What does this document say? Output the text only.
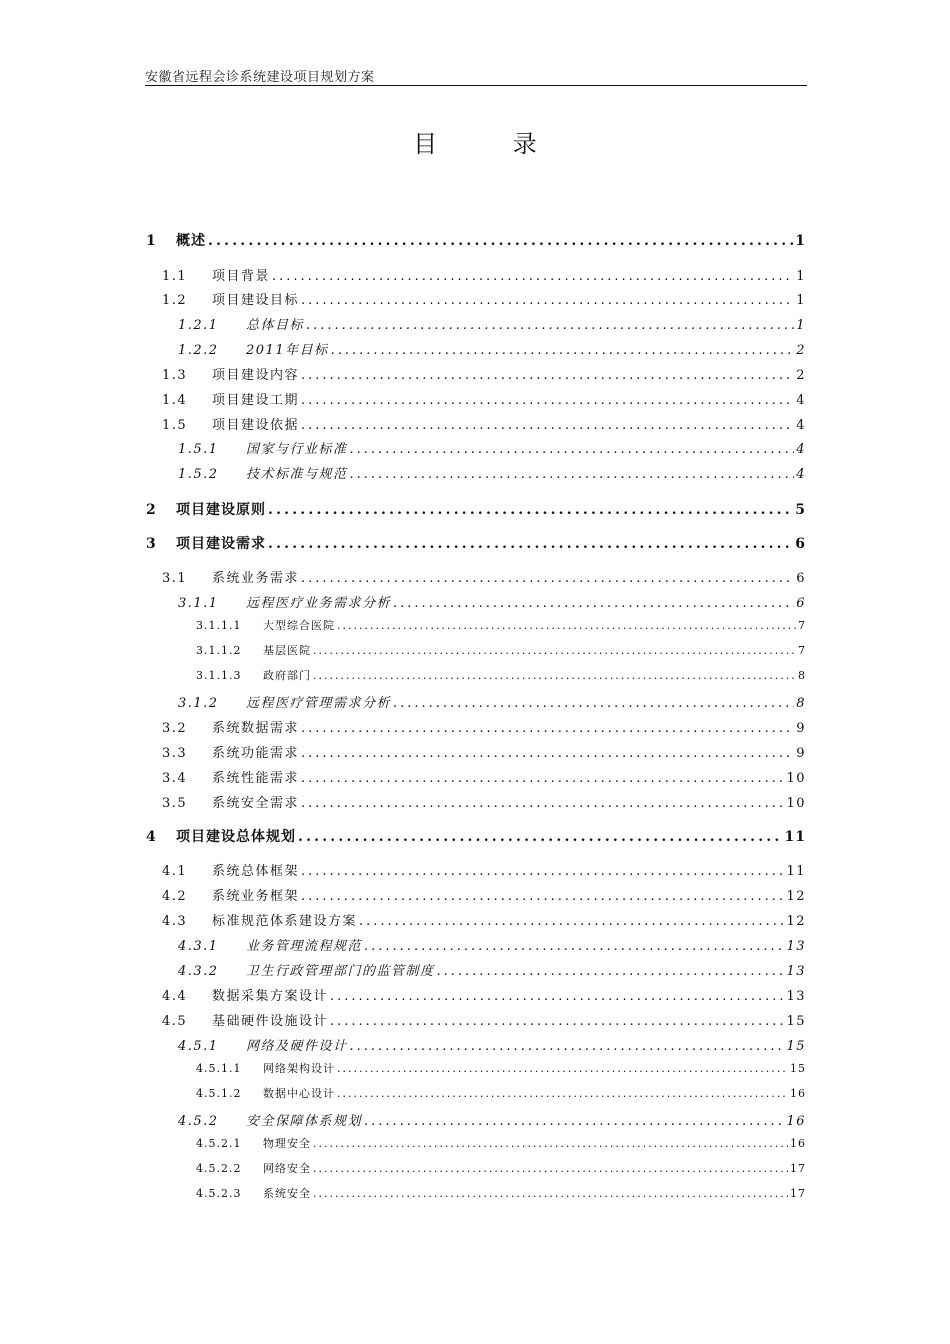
安徽省远程会诊系统建设项目规划方案
目 录
1	概述 .....	1
1.1	项目背景 .....	1
1.2	项目建设目标 .....	1
1.2.1	总体目标 .....	1
1.2.2	2011年目标 .....	2
1.3	项目建设内容 .....	2
1.4	项目建设工期 .....	4
1.5	项目建设依据 .....	4
1.5.1	国家与行业标准 .....	4
1.5.2	技术标准与规范 .....	4
2	项目建设原则 .....	5
3	项目建设需求 .....	6
3.1	系统业务需求 .....	6
3.1.1	远程医疗业务需求分析 .....	6
3.1.1.1	大型综合医院 .....	7
3.1.1.2	基层医院 .....	7
3.1.1.3	政府部门 .....	8
3.1.2	远程医疗管理需求分析 .....	8
3.2	系统数据需求 .....	9
3.3	系统功能需求 .....	9
3.4	系统性能需求 .....	10
3.5	系统安全需求 .....	10
4	项目建设总体规划 .....	11
4.1	系统总体框架 .....	11
4.2	系统业务框架 .....	12
4.3	标准规范体系建设方案 .....	12
4.3.1	业务管理流程规范 .....	13
4.3.2	卫生行政管理部门的监管制度 .....	13
4.4	数据采集方案设计 .....	13
4.5	基础硬件设施设计 .....	15
4.5.1	网络及硬件设计 .....	15
4.5.1.1	网络架构设计 .....	15
4.5.1.2	数据中心设计 .....	16
4.5.2	安全保障体系规划 .....	16
4.5.2.1	物理安全 .....	16
4.5.2.2	网络安全 .....	17
4.5.2.3	系统安全 .....	17
